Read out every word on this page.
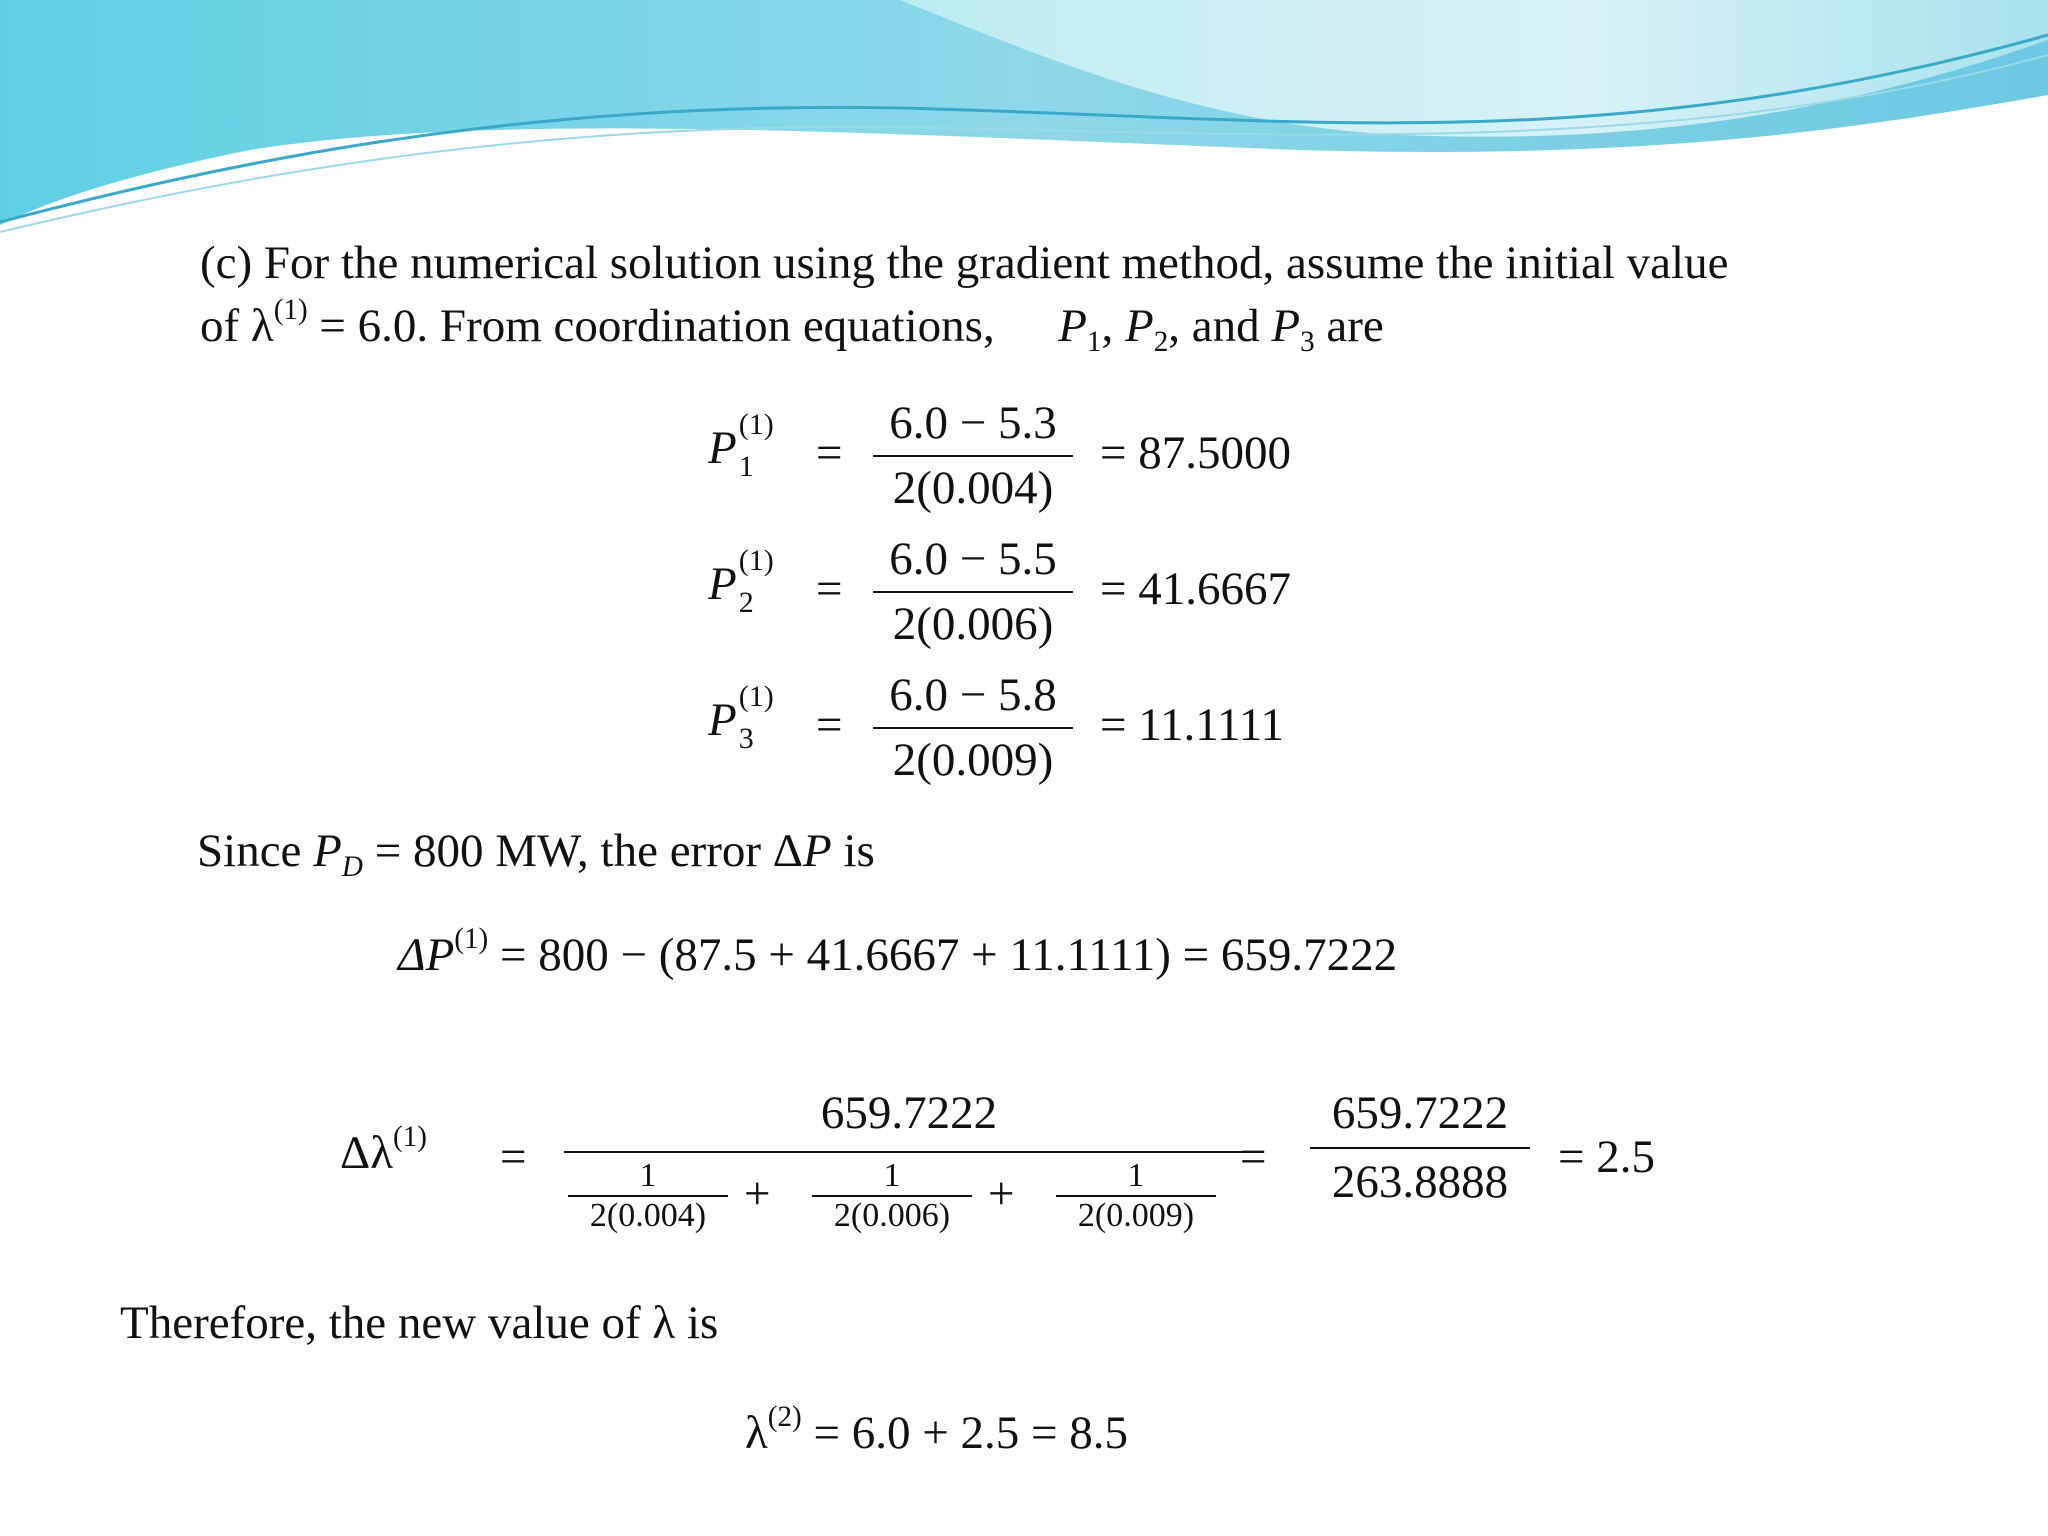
(c) For the numerical solution using the gradient method, assume the initial value
of $\lambda^{(1)} = 6.0$. From coordination equations, $P_1$, $P_2$, and $P_3$ are
P (1)
1 =
6.0 − 5.3
2(0.004)
= 87.5000
P (1)
2 =
6.0 − 5.5
2(0.006)
= 41.6667
P (1)
3 =
6.0 − 5.8
2(0.009)
= 11.1111
Since $P_D = 800$ MW, the error ΔP is
$\Delta P^{(1)} = 800 - (87.5 + 41.6667 + 11.1111) = 659.7222$
$\Delta\lambda^{(1)}$ =
659.7222
1
2(0.004) +	1
2(0.006) +	1
2(0.009)
=
659.7222
263.8888	= 2.5
Therefore, the new value of λ is
$\lambda^{(2)} = 6.0 + 2.5 = 8.5$
